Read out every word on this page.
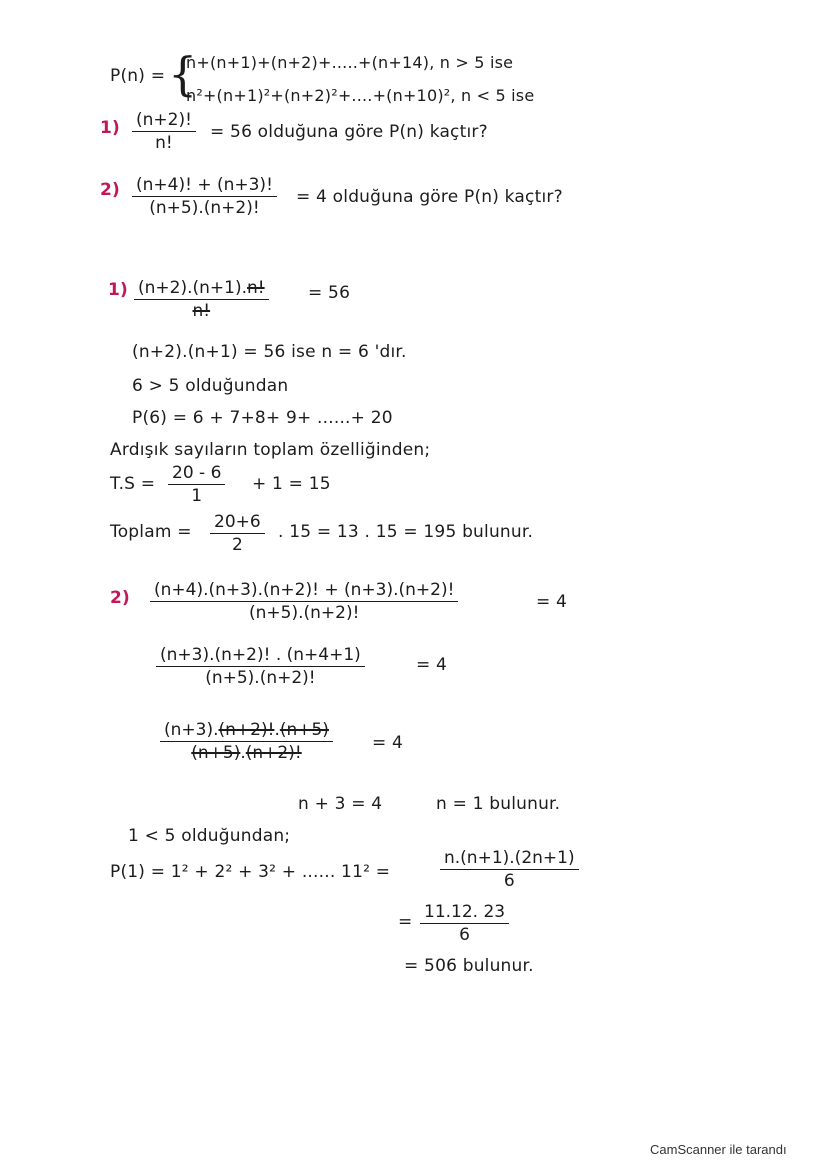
P(n) = {
n+(n+1)+(n+2)+.....+(n+14), n > 5 ise
n²+(n+1)²+(n+2)²+....+(n+10)², n < 5 ise
1) (n+2)!
n!
= 56 olduğuna göre P(n) kaçtır?
2) (n+4)! + (n+3)!
(n+5).(n+2)!
= 4 olduğuna göre P(n) kaçtır?
1) (n+2).(n+1).n!
n!
= 56
(n+2).(n+1) = 56 ise n = 6 'dır.
6 > 5 olduğundan
P(6) = 6 + 7+8+ 9+ ......+ 20
Ardışık sayıların toplam özelliğinden;
T.S =
20 - 6
1
+ 1 = 15
Toplam = 20+6
2
. 15 = 13 . 15 = 195 bulunur.
2) (n+4).(n+3).(n+2)! + (n+3).(n+2)!
(n+5).(n+2)!
= 4
(n+3).(n+2)! . (n+4+1)
(n+5).(n+2)!
= 4
(n+3).(n+2)!.(n+5)
(n+5).(n+2)!	= 4
n + 3 = 4	n = 1 bulunur.
1 < 5 olduğundan;
P(1) = 1² + 2² + 3² + ...... 11² =
n.(n+1).(2n+1)
6
= 11.12. 23
6
= 506 bulunur.
CamScanner ile tarandı
